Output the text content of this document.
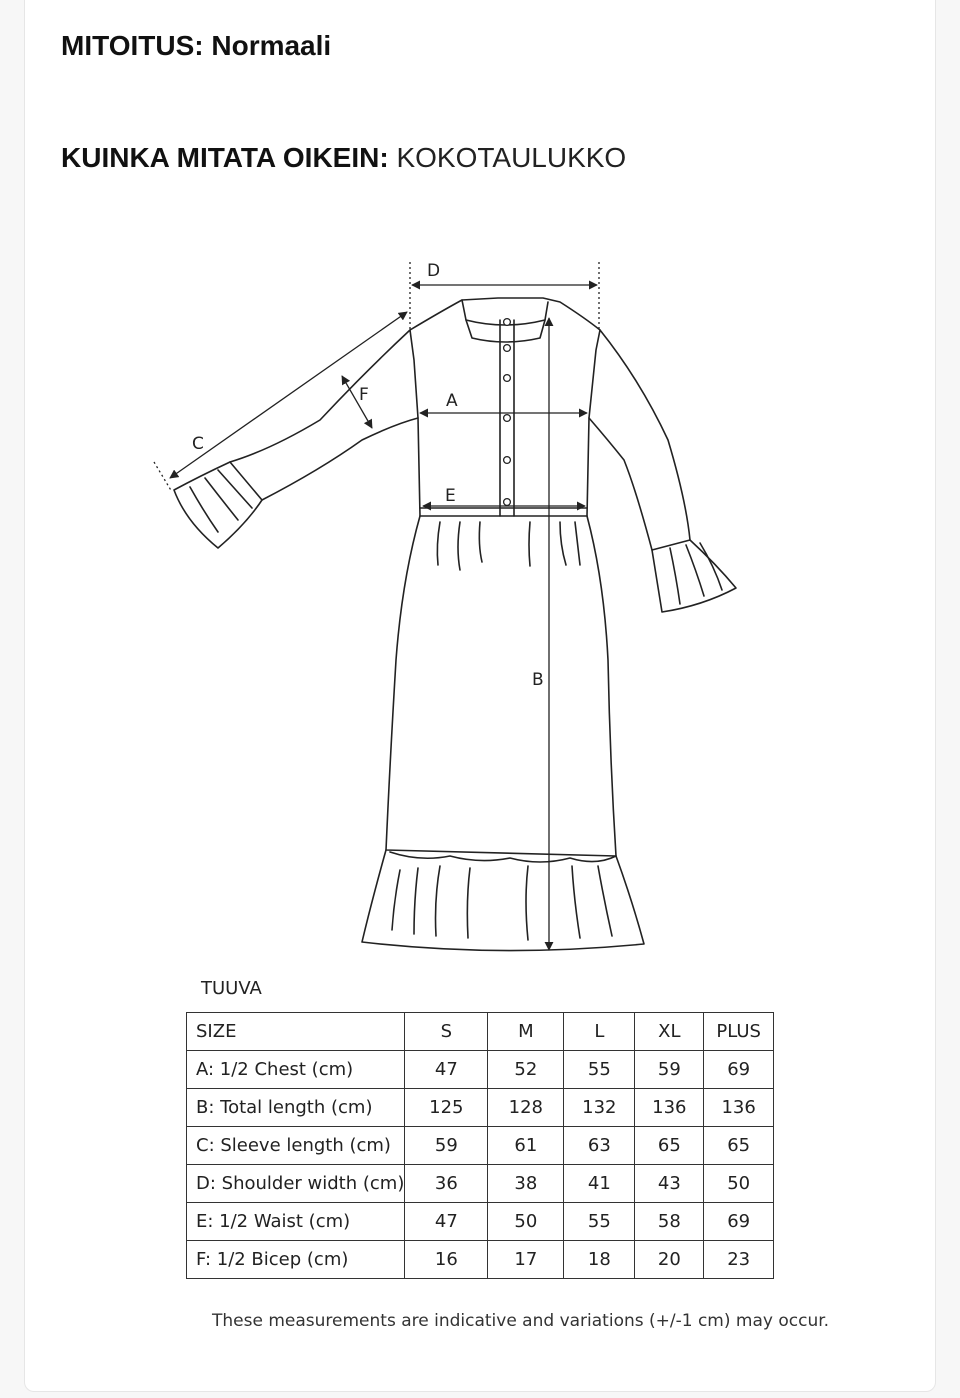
MITOITUS: Normaali
KUINKA MITATA OIKEIN: KOKOTAULUKKO
D
A
E
B
C
F
TUUVA
SIZE	S	M	L	XL	PLUS
A: 1/2 Chest (cm)	47	52	55	59	69
B: Total length (cm)	125	128	132	136	136
C: Sleeve length (cm)	59	61	63	65	65
D: Shoulder width (cm)	36	38	41	43	50
E: 1/2 Waist (cm)	47	50	55	58	69
F: 1/2 Bicep (cm)	16	17	18	20	23
These measurements are indicative and variations (+/-1 cm) may occur.
